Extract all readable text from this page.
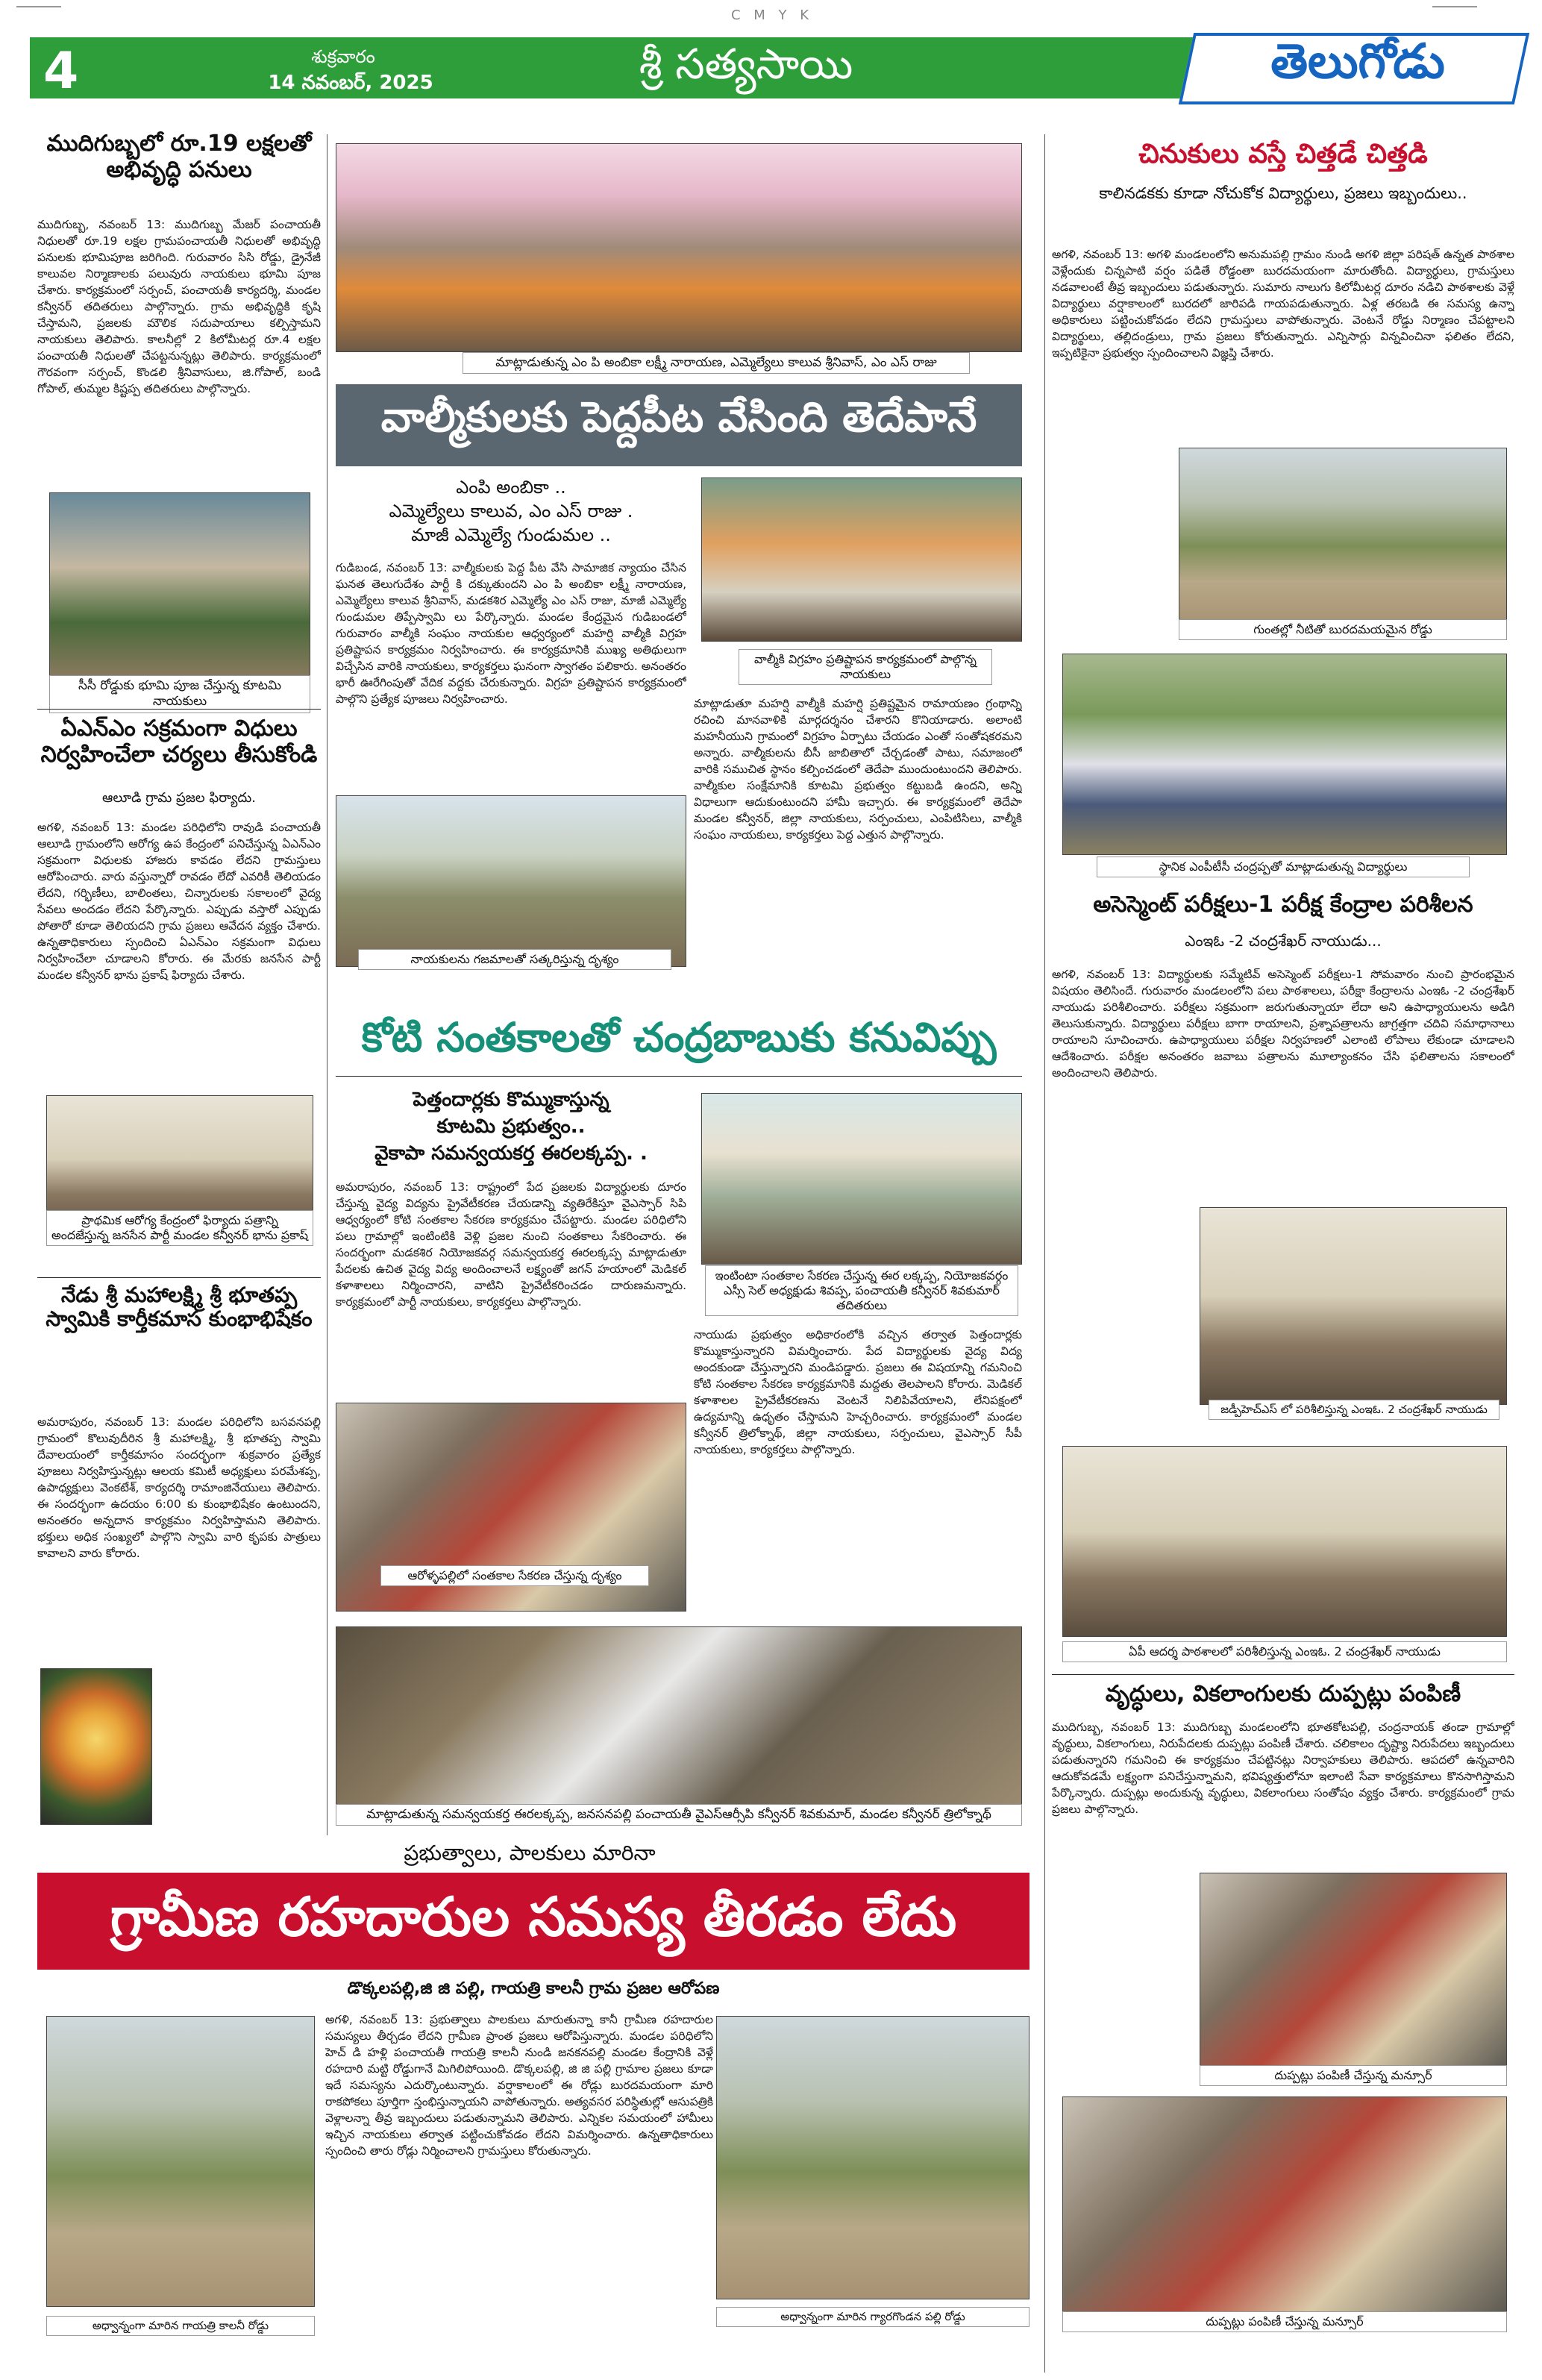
C M Y K
4	శుక్రవారం
14 నవంబర్, 2025	శ్రీ సత్యసాయి	తెలుగోడు
ముదిగుబ్బలో రూ.19 లక్షలతో అభివృద్ధి పనులు
ముదిగుబ్బ, నవంబర్ 13: ముదిగుబ్బ మేజర్ పంచాయతీ నిధులతో రూ.19 లక్షల గ్రామపంచాయతీ నిధులతో అభివృద్ధి పనులకు భూమిపూజ జరిగింది. గురువారం సిసి రోడ్డు, డ్రైనేజీ కాలువల నిర్మాణాలకు పలువురు నాయకులు భూమి పూజ చేశారు. కార్యక్రమంలో సర్పంచ్, పంచాయతీ కార్యదర్శి, మండల కన్వీనర్ తదితరులు పాల్గొన్నారు. గ్రామ అభివృద్ధికి కృషి చేస్తామని, ప్రజలకు మౌలిక సదుపాయాలు కల్పిస్తామని నాయకులు తెలిపారు. కాలనీల్లో 2 కిలోమీటర్ల రూ.4 లక్షల పంచాయతీ నిధులతో చేపట్టనున్నట్లు తెలిపారు. కార్యక్రమంలో గౌరవంగా సర్పంచ్, కొండలి శ్రీనివాసులు, జి.గోపాల్, బండి గోపాల్, తుమ్మల కిష్టప్ప తదితరులు పాల్గొన్నారు.
సీసీ రోడ్డుకు భూమి పూజ చేస్తున్న కూటమి నాయకులు
ఏఎన్ఎం సక్రమంగా విధులు నిర్వహించేలా చర్యలు తీసుకోండి
ఆలూడి గ్రామ ప్రజల ఫిర్యాదు.
అగళి, నవంబర్ 13: మండల పరిధిలోని రావుడి పంచాయతీ ఆలూడి గ్రామంలోని ఆరోగ్య ఉప కేంద్రంలో పనిచేస్తున్న ఏఎన్ఎం సక్రమంగా విధులకు హాజరు కావడం లేదని గ్రామస్తులు ఆరోపించారు. వారు వస్తున్నారో రావడం లేదో ఎవరికీ తెలియడం లేదని, గర్భిణీలు, బాలింతలు, చిన్నారులకు సకాలంలో వైద్య సేవలు అందడం లేదని పేర్కొన్నారు. ఎప్పుడు వస్తారో ఎప్పుడు పోతారో కూడా తెలియదని గ్రామ ప్రజలు ఆవేదన వ్యక్తం చేశారు. ఉన్నతాధికారులు స్పందించి ఏఎన్ఎం సక్రమంగా విధులు నిర్వహించేలా చూడాలని కోరారు. ఈ మేరకు జనసేన పార్టీ మండల కన్వీనర్ భాను ప్రకాష్ ఫిర్యాదు చేశారు.
ప్రాథమిక ఆరోగ్య కేంద్రంలో ఫిర్యాదు పత్రాన్ని అందజేస్తున్న జనసేన పార్టీ మండల కన్వీనర్ భాను ప్రకాష్
నేడు శ్రీ మహాలక్ష్మి శ్రీ భూతప్ప స్వామికి కార్తీకమాస కుంభాభిషేకం
అమరాపురం, నవంబర్ 13: మండల పరిధిలోని బసవనపల్లి గ్రామంలో కొలువుదీరిన శ్రీ మహాలక్ష్మి, శ్రీ భూతప్ప స్వామి దేవాలయంలో కార్తీకమాసం సందర్భంగా శుక్రవారం ప్రత్యేక పూజలు నిర్వహిస్తున్నట్లు ఆలయ కమిటీ అధ్యక్షులు పరమేశప్ప, ఉపాధ్యక్షులు వెంకటేశ్, కార్యదర్శి రామాంజినేయులు తెలిపారు. ఈ సందర్భంగా ఉదయం 6:00 కు కుంభాభిషేకం ఉంటుందని, అనంతరం అన్నదాన కార్యక్రమం నిర్వహిస్తామని తెలిపారు. భక్తులు అధిక సంఖ్యలో పాల్గొని స్వామి వారి కృపకు పాత్రులు కావాలని వారు కోరారు.
మాట్లాడుతున్న ఎం పి అంబికా లక్ష్మీ నారాయణ, ఎమ్మెల్యేలు కాలువ శ్రీనివాస్, ఎం ఎస్ రాజు
వాల్మీకులకు పెద్దపీట వేసింది తెదేపానే
ఎంపి అంబికా ..
ఎమ్మెల్యేలు కాలువ, ఎం ఎస్ రాజు .
మాజీ ఎమ్మెల్యే గుండుమల ..
గుడిబండ, నవంబర్ 13: వాల్మీకులకు పెద్ద పీట వేసి సామాజిక న్యాయం చేసిన ఘనత తెలుగుదేశం పార్టీ కి దక్కుతుందని ఎం పి అంబికా లక్ష్మీ నారాయణ, ఎమ్మెల్యేలు కాలువ శ్రీనివాస్, మడకశిర ఎమ్మెల్యే ఎం ఎస్ రాజు, మాజీ ఎమ్మెల్యే గుండుమల తిప్పేస్వామి లు పేర్కొన్నారు. మండల కేంద్రమైన గుడిబండలో గురువారం వాల్మీకి సంఘం నాయకుల ఆధ్వర్యంలో మహర్షి వాల్మీకి విగ్రహ ప్రతిష్టాపన కార్యక్రమం నిర్వహించారు. ఈ కార్యక్రమానికి ముఖ్య అతిథులుగా విచ్చేసిన వారికి నాయకులు, కార్యకర్తలు ఘనంగా స్వాగతం పలికారు. అనంతరం భారీ ఊరేగింపుతో వేదిక వద్దకు చేరుకున్నారు. విగ్రహ ప్రతిష్టాపన కార్యక్రమంలో పాల్గొని ప్రత్యేక పూజలు నిర్వహించారు.
వాల్మీకి విగ్రహం ప్రతిష్టాపన కార్యక్రమంలో పాల్గొన్న నాయకులు
మాట్లాడుతూ మహర్షి వాల్మీకి మహర్షి ప్రతిష్టమైన రామాయణం గ్రంథాన్ని రచించి మానవాళికి మార్గదర్శనం చేశారని కొనియాడారు. అలాంటి మహనీయుని గ్రామంలో విగ్రహం ఏర్పాటు చేయడం ఎంతో సంతోషకరమని అన్నారు. వాల్మీకులను బీసీ జాబితాలో చేర్చడంతో పాటు, సమాజంలో వారికి సముచిత స్థానం కల్పించడంలో తెదేపా ముందుంటుందని తెలిపారు. వాల్మీకుల సంక్షేమానికి కూటమి ప్రభుత్వం కట్టుబడి ఉందని, అన్ని విధాలుగా ఆదుకుంటుందని హామీ ఇచ్చారు. ఈ కార్యక్రమంలో తెదేపా మండల కన్వీనర్, జిల్లా నాయకులు, సర్పంచులు, ఎంపిటిసిలు, వాల్మీకి సంఘం నాయకులు, కార్యకర్తలు పెద్ద ఎత్తున పాల్గొన్నారు.
నాయకులను గజమాలతో సత్కరిస్తున్న దృశ్యం
కోటి సంతకాలతో చంద్రబాబుకు కనువిప్పు
పెత్తందార్లకు కొమ్ముకాస్తున్న
కూటమి ప్రభుత్వం..
వైకాపా సమన్వయకర్త ఈరలక్కప్ప. .
అమరాపురం, నవంబర్ 13: రాష్ట్రంలో పేద ప్రజలకు విద్యార్థులకు దూరం చేస్తున్న వైద్య విద్యను ప్రైవేటీకరణ చేయడాన్ని వ్యతిరేకిస్తూ వైఎస్సార్ సిపి ఆధ్వర్యంలో కోటి సంతకాల సేకరణ కార్యక్రమం చేపట్టారు. మండల పరిధిలోని పలు గ్రామాల్లో ఇంటింటికి వెళ్లి ప్రజల నుంచి సంతకాలు సేకరించారు. ఈ సందర్భంగా మడకశిర నియోజకవర్గ సమన్వయకర్త ఈరలక్కప్ప మాట్లాడుతూ పేదలకు ఉచిత వైద్య విద్య అందించాలనే లక్ష్యంతో జగన్ హయాంలో మెడికల్ కళాశాలలు నిర్మించారని, వాటిని ప్రైవేటీకరించడం దారుణమన్నారు. కార్యక్రమంలో పార్టీ నాయకులు, కార్యకర్తలు పాల్గొన్నారు.
ఇంటింటా సంతకాల సేకరణ చేస్తున్న ఈర లక్కప్ప, నియోజకవర్గం ఎస్సీ సెల్ అధ్యక్షుడు శివప్ప, పంచాయతీ కన్వీనర్ శివకుమార్ తదితరులు
నాయుడు ప్రభుత్వం అధికారంలోకి వచ్చిన తర్వాత పెత్తందార్లకు కొమ్ముకాస్తున్నారని విమర్శించారు. పేద విద్యార్థులకు వైద్య విద్య అందకుండా చేస్తున్నారని మండిపడ్డారు. ప్రజలు ఈ విషయాన్ని గమనించి కోటి సంతకాల సేకరణ కార్యక్రమానికి మద్దతు తెలపాలని కోరారు. మెడికల్ కళాశాలల ప్రైవేటీకరణను వెంటనే నిలిపివేయాలని, లేనిపక్షంలో ఉద్యమాన్ని ఉధృతం చేస్తామని హెచ్చరించారు. కార్యక్రమంలో మండల కన్వీనర్ త్రిలోక్నాథ్, జిల్లా నాయకులు, సర్పంచులు, వైఎస్సార్ సీపీ నాయకులు, కార్యకర్తలు పాల్గొన్నారు.
ఆరోళ్ళపల్లిలో సంతకాల సేకరణ చేస్తున్న దృశ్యం
మాట్లాడుతున్న సమన్వయకర్త ఈరలక్కప్ప, జనసనపల్లి పంచాయతీ వైఎస్ఆర్సీపి కన్వీనర్ శివకుమార్, మండల కన్వీనర్ త్రిలోక్నాథ్
చినుకులు వస్తే చిత్తడే చిత్తడి
కాలినడకకు కూడా నోచుకోక విద్యార్థులు, ప్రజలు ఇబ్బందులు..
అగళి, నవంబర్ 13: అగళి మండలంలోని అనుమపల్లి గ్రామం నుండి అగళి జిల్లా పరిషత్ ఉన్నత పాఠశాల వెళ్లేందుకు చిన్నపాటి వర్షం పడితే రోడ్డంతా బురదమయంగా మారుతోంది. విద్యార్థులు, గ్రామస్తులు నడవాలంటే తీవ్ర ఇబ్బందులు పడుతున్నారు. సుమారు నాలుగు కిలోమీటర్ల దూరం నడిచి పాఠశాలకు వెళ్లే విద్యార్థులు వర్షాకాలంలో బురదలో జారిపడి గాయపడుతున్నారు. ఏళ్ల తరబడి ఈ సమస్య ఉన్నా అధికారులు పట్టించుకోవడం లేదని గ్రామస్తులు వాపోతున్నారు. వెంటనే రోడ్డు నిర్మాణం చేపట్టాలని విద్యార్థులు, తల్లిదండ్రులు, గ్రామ ప్రజలు కోరుతున్నారు. ఎన్నిసార్లు విన్నవించినా ఫలితం లేదని, ఇప్పటికైనా ప్రభుత్వం స్పందించాలని విజ్ఞప్తి చేశారు.
గుంతల్లో నీటితో బురదమయమైన రోడ్డు
స్థానిక ఎంపీటీసీ చంద్రప్పతో మాట్లాడుతున్న విద్యార్థులు
అసెస్మెంట్ పరీక్షలు-1 పరీక్ష కేంద్రాల పరిశీలన
ఎంఇఓ -2 చంద్రశేఖర్ నాయుడు...
అగళి, నవంబర్ 13: విద్యార్థులకు సమ్మేటివ్ అసెస్మెంట్ పరీక్షలు-1 సోమవారం నుంచి ప్రారంభమైన విషయం తెలిసిందే. గురువారం మండలంలోని పలు పాఠశాలలు, పరీక్షా కేంద్రాలను ఎంఇఓ -2 చంద్రశేఖర్ నాయుడు పరిశీలించారు. పరీక్షలు సక్రమంగా జరుగుతున్నాయా లేదా అని ఉపాధ్యాయులను అడిగి తెలుసుకున్నారు. విద్యార్థులు పరీక్షలు బాగా రాయాలని, ప్రశ్నాపత్రాలను జాగ్రత్తగా చదివి సమాధానాలు రాయాలని సూచించారు. ఉపాధ్యాయులు పరీక్షల నిర్వహణలో ఎలాంటి లోపాలు లేకుండా చూడాలని ఆదేశించారు. పరీక్షల అనంతరం జవాబు పత్రాలను మూల్యాంకనం చేసి ఫలితాలను సకాలంలో అందించాలని తెలిపారు.
జడ్పీహెచ్ఎస్ లో పరిశీలిస్తున్న ఎంఇఓ. 2 చంద్రశేఖర్ నాయుడు
ఏపీ ఆదర్శ పాఠశాలలో పరిశీలిస్తున్న ఎంఇఓ. 2 చంద్రశేఖర్ నాయుడు
వృద్ధులు, వికలాంగులకు దుప్పట్లు పంపిణీ
ముదిగుబ్బ, నవంబర్ 13: ముదిగుబ్బ మండలంలోని భూతకోటపల్లి, చంద్రనాయక్ తండా గ్రామాల్లో వృద్ధులు, వికలాంగులు, నిరుపేదలకు దుప్పట్లు పంపిణీ చేశారు. చలికాలం దృష్ట్యా నిరుపేదలు ఇబ్బందులు పడుతున్నారని గమనించి ఈ కార్యక్రమం చేపట్టినట్లు నిర్వాహకులు తెలిపారు. ఆపదలో ఉన్నవారిని ఆదుకోవడమే లక్ష్యంగా పనిచేస్తున్నామని, భవిష్యత్తులోనూ ఇలాంటి సేవా కార్యక్రమాలు కొనసాగిస్తామని పేర్కొన్నారు. దుప్పట్లు అందుకున్న వృద్ధులు, వికలాంగులు సంతోషం వ్యక్తం చేశారు. కార్యక్రమంలో గ్రామ ప్రజలు పాల్గొన్నారు.
దుప్పట్లు పంపిణీ చేస్తున్న మన్సూర్
దుప్పట్లు పంపిణీ చేస్తున్న మన్సూర్
ప్రభుత్వాలు, పాలకులు మారినా
గ్రామీణ రహదారుల సమస్య తీరడం లేదు
డొక్కలపల్లి,జి జి పల్లి, గాయత్రి కాలనీ గ్రామ ప్రజల ఆరోపణ
అధ్వాన్నంగా మారిన గాయత్రి కాలనీ రోడ్డు
అగళి, నవంబర్ 13: ప్రభుత్వాలు పాలకులు మారుతున్నా కానీ గ్రామీణ రహదారుల సమస్యలు తీర్చడం లేదని గ్రామీణ ప్రాంత ప్రజలు ఆరోపిస్తున్నారు. మండల పరిధిలోని హెచ్ డి హళ్లి పంచాయతీ గాయత్రి కాలనీ నుండి జనకనపల్లి మండల కేంద్రానికి వెళ్లే రహదారి మట్టి రోడ్డుగానే మిగిలిపోయింది. డొక్కలపల్లి, జి జి పల్లి గ్రామాల ప్రజలు కూడా ఇదే సమస్యను ఎదుర్కొంటున్నారు. వర్షాకాలంలో ఈ రోడ్లు బురదమయంగా మారి రాకపోకలు పూర్తిగా స్తంభిస్తున్నాయని వాపోతున్నారు. అత్యవసర పరిస్థితుల్లో ఆసుపత్రికి వెళ్లాలన్నా తీవ్ర ఇబ్బందులు పడుతున్నామని తెలిపారు. ఎన్నికల సమయంలో హామీలు ఇచ్చిన నాయకులు తర్వాత పట్టించుకోవడం లేదని విమర్శించారు. ఉన్నతాధికారులు స్పందించి తారు రోడ్లు నిర్మించాలని గ్రామస్తులు కోరుతున్నారు.
అధ్వాన్నంగా మారిన గ్యారగొండన పల్లి రోడ్డు
